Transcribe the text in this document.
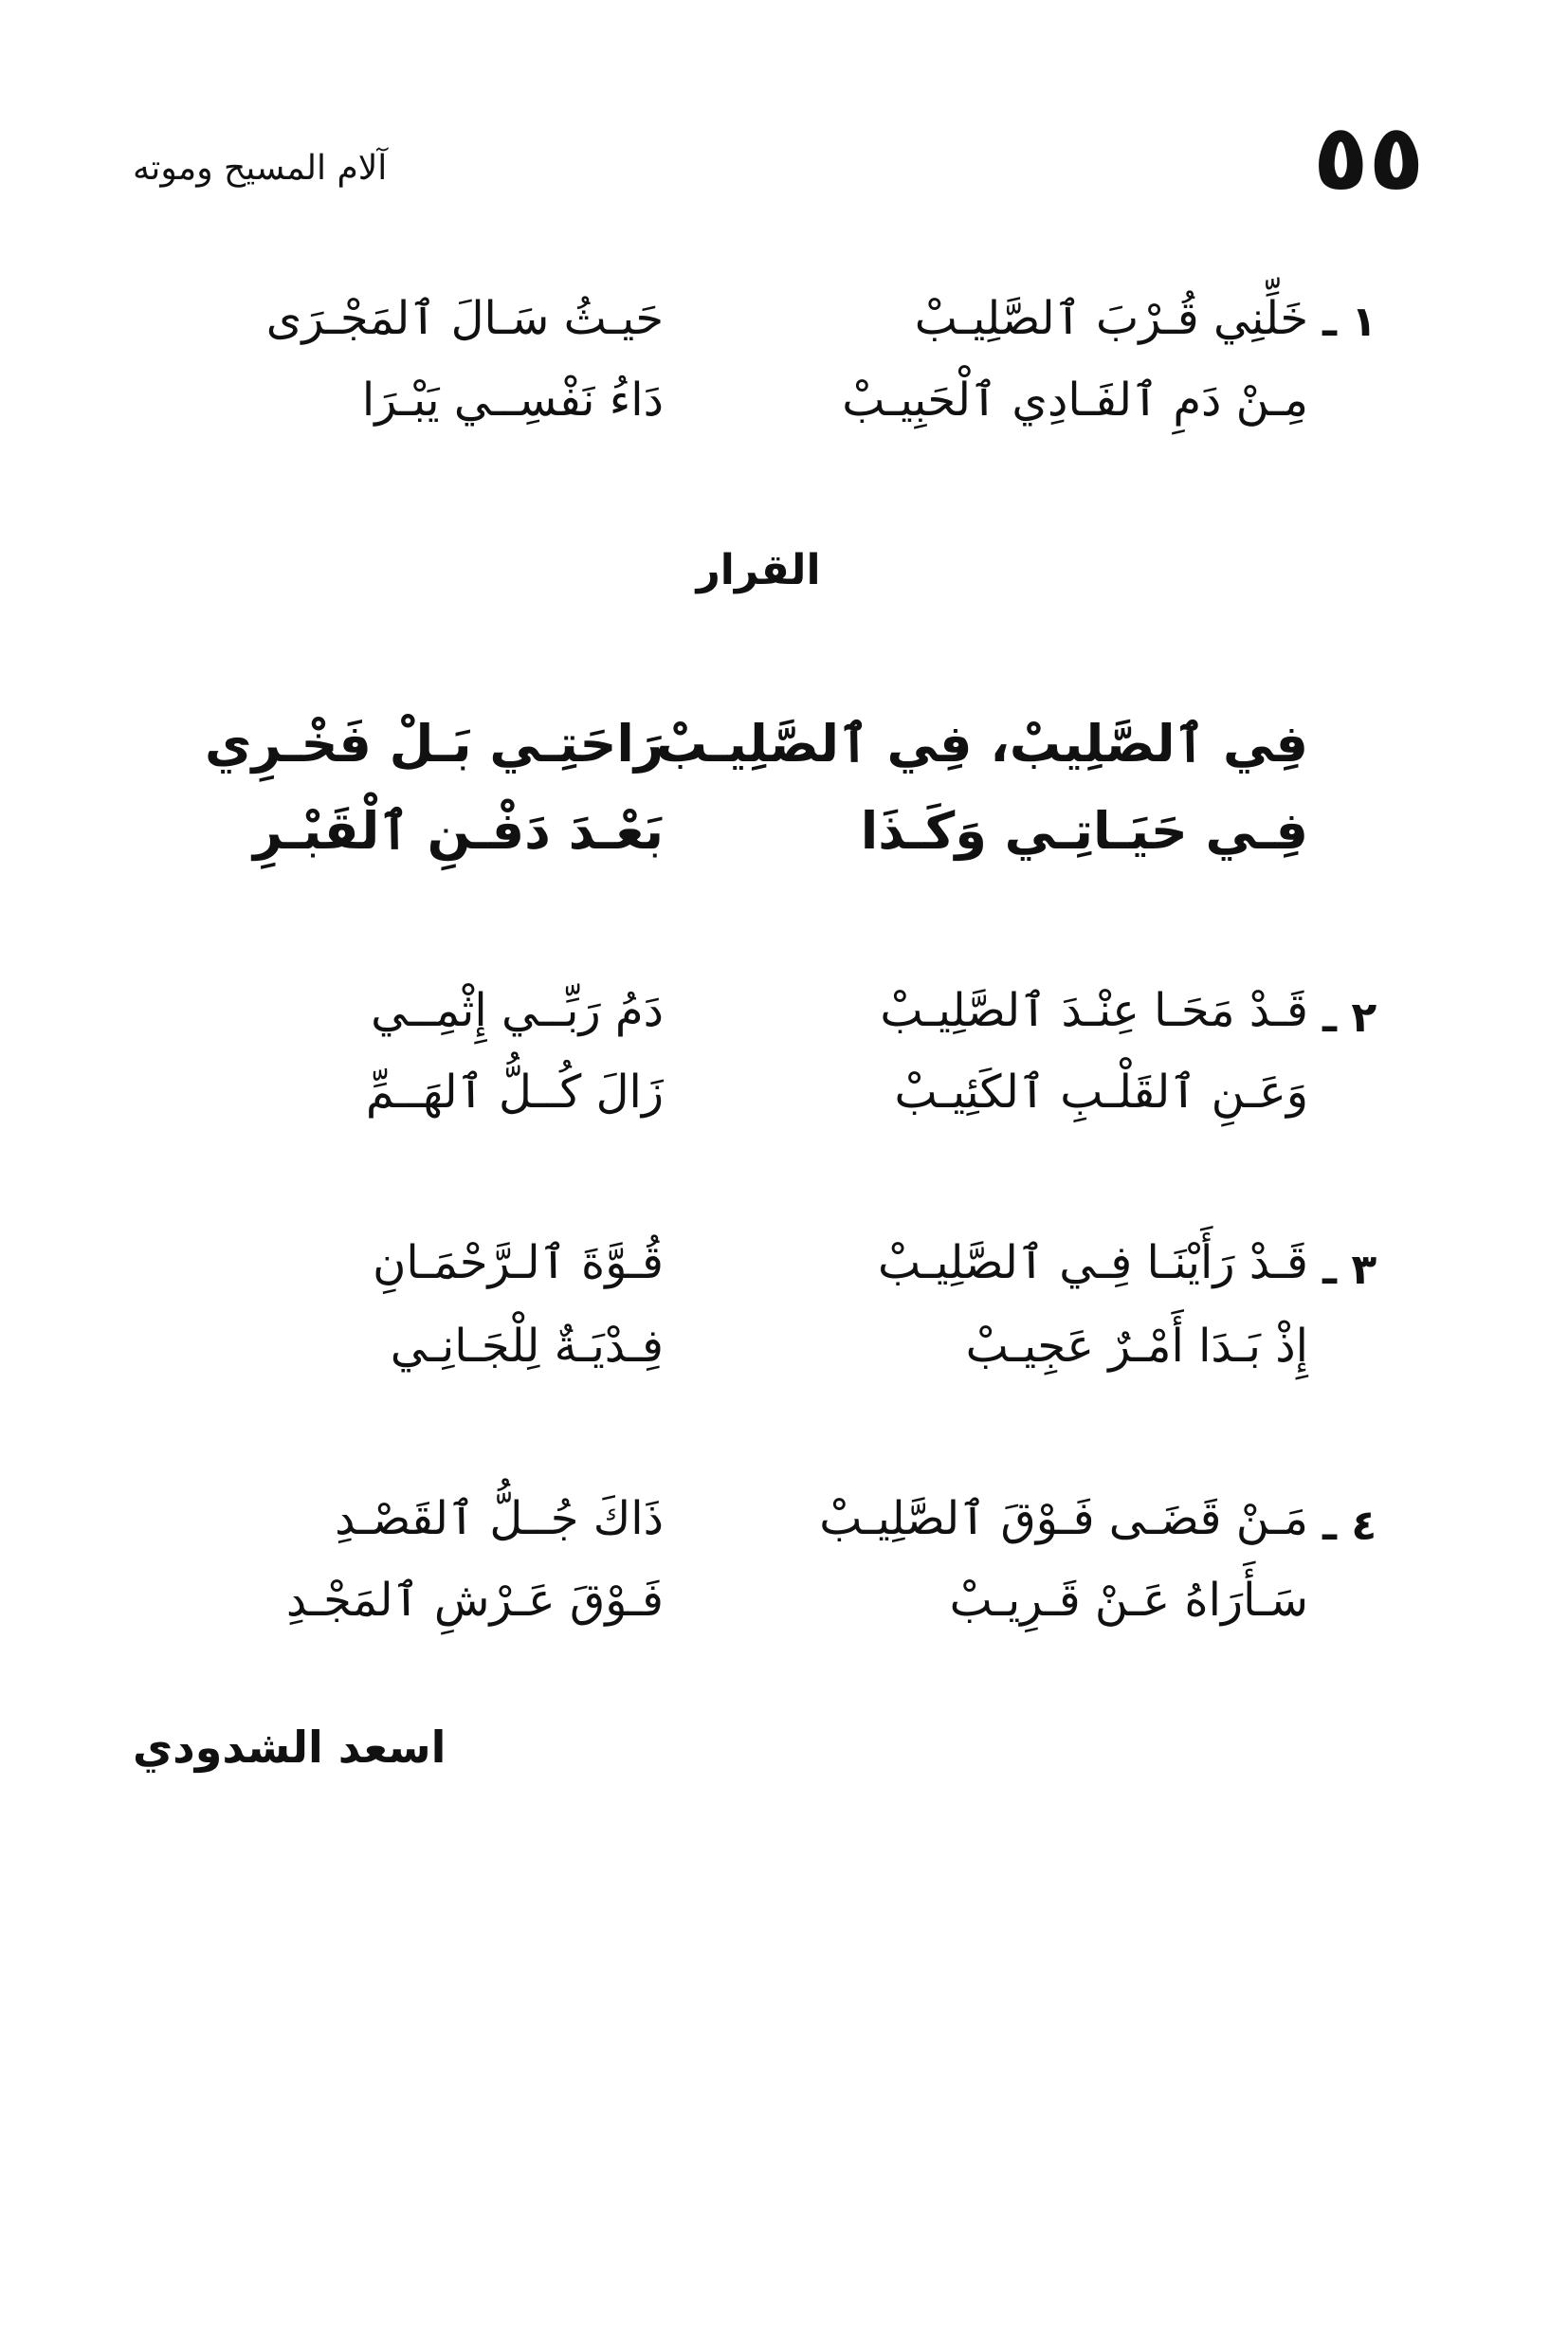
٥٥
آلام المسيح وموته
١ ـ
خَلِّنِي قُـرْبَ ٱلصَّلِيـبْ
حَيـثُ سَـالَ ٱلمَجْـرَى
مِـنْ دَمِ ٱلفَـادِي ٱلْحَبِيـبْ
دَاءُ نَفْسِــي يَبْـرَا
القرار
فِي ٱلصَّلِيبْ، فِي ٱلصَّلِيـبْ
رَاحَتِـي بَـلْ فَخْـرِي
فِـي حَيَـاتِـي وَكَـذَا
بَعْـدَ دَفْـنِ ٱلْقَبْـرِ
٢ ـ
قَـدْ مَحَـا عِنْـدَ ٱلصَّلِيـبْ
دَمُ رَبِّــي إِثْمِــي
وَعَـنِ ٱلقَلْـبِ ٱلكَئِيـبْ
زَالَ كُــلُّ ٱلهَــمِّ
٣ ـ
قَـدْ رَأَيْنَـا فِـي ٱلصَّلِيـبْ
قُـوَّةَ ٱلـرَّحْمَـانِ
إِذْ بَـدَا أَمْـرٌ عَجِيـبْ
فِـدْيَـةٌ لِلْجَـانِـي
٤ ـ
مَـنْ قَضَـى فَـوْقَ ٱلصَّلِيـبْ
ذَاكَ جُــلُّ ٱلقَصْـدِ
سَـأَرَاهُ عَـنْ قَـرِيـبْ
فَـوْقَ عَـرْشِ ٱلمَجْـدِ
اسعد الشدودي
